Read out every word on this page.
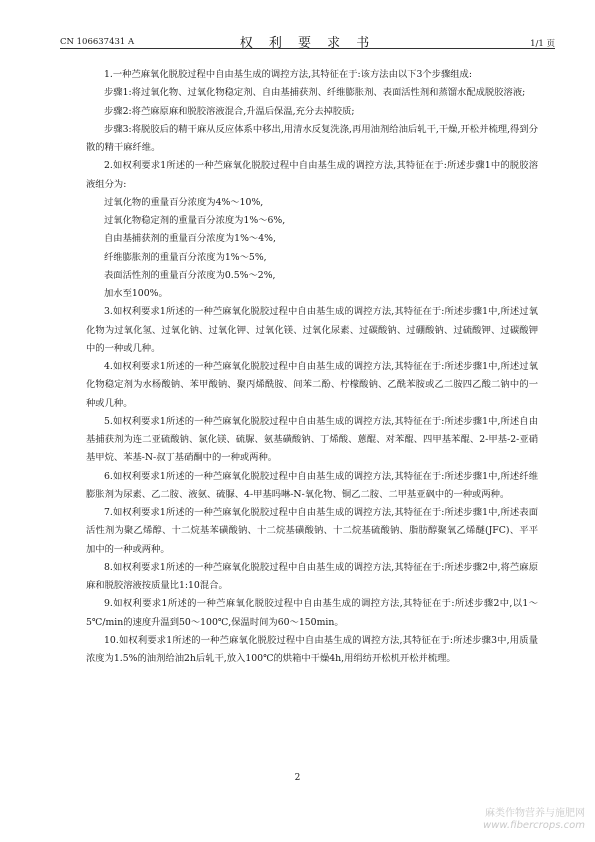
CN 106637431 A	权 利 要 求 书	1/1 页

1.一种苎麻氧化脱胶过程中自由基生成的调控方法,其特征在于:该方法由以下3个步骤组成:

步骤1:将过氧化物、过氧化物稳定剂、自由基捕获剂、纤维膨胀剂、表面活性剂和蒸馏水配成脱胶溶液;

步骤2:将苎麻原麻和脱胶溶液混合,升温后保温,充分去掉胶质;

步骤3:将脱胶后的精干麻从反应体系中移出,用清水反复洗涤,再用油剂给油后轧干,干燥,开松并梳理,得到分散的精干麻纤维。

2.如权利要求1所述的一种苎麻氧化脱胶过程中自由基生成的调控方法,其特征在于:所述步骤1中的脱胶溶液组分为:

过氧化物的重量百分浓度为4%～10%,

过氧化物稳定剂的重量百分浓度为1%～6%,

自由基捕获剂的重量百分浓度为1%～4%,

纤维膨胀剂的重量百分浓度为1%～5%,

表面活性剂的重量百分浓度为0.5%～2%,

加水至100%。

3.如权利要求1所述的一种苎麻氧化脱胶过程中自由基生成的调控方法,其特征在于:所述步骤1中,所述过氧化物为过氧化氢、过氧化钠、过氧化钾、过氧化镁、过氧化尿素、过碳酸钠、过硼酸钠、过硫酸钾、过碳酸钾中的一种或几种。

4.如权利要求1所述的一种苎麻氧化脱胶过程中自由基生成的调控方法,其特征在于:所述步骤1中,所述过氧化物稳定剂为水杨酸钠、苯甲酸钠、聚丙烯酰胺、间苯二酚、柠檬酸钠、乙酰苯胺或乙二胺四乙酸二钠中的一种或几种。

5.如权利要求1所述的一种苎麻氧化脱胶过程中自由基生成的调控方法,其特征在于:所述步骤1中,所述自由基捕获剂为连二亚硫酸钠、氯化镁、硫脲、氨基磺酸钠、丁烯酸、蒽醌、对苯醌、四甲基苯醌、2-甲基-2-亚硝基甲烷、苯基-N-叔丁基硝酮中的一种或两种。

6.如权利要求1所述的一种苎麻氧化脱胶过程中自由基生成的调控方法,其特征在于:所述步骤1中,所述纤维膨胀剂为尿素、乙二胺、液氨、硫脲、4-甲基吗啉-N-氧化物、铜乙二胺、二甲基亚砜中的一种或两种。

7.如权利要求1所述的一种苎麻氧化脱胶过程中自由基生成的调控方法,其特征在于:所述步骤1中,所述表面活性剂为聚乙烯醇、十二烷基苯磺酸钠、十二烷基磺酸钠、十二烷基硫酸钠、脂肪醇聚氧乙烯醚(JFC)、平平加中的一种或两种。

8.如权利要求1所述的一种苎麻氧化脱胶过程中自由基生成的调控方法,其特征在于:所述步骤2中,将苎麻原麻和脱胶溶液按质量比1:10混合。

9.如权利要求1所述的一种苎麻氧化脱胶过程中自由基生成的调控方法,其特征在于:所述步骤2中,以1～5℃/min的速度升温到50～100℃,保温时间为60～150min。

10.如权利要求1所述的一种苎麻氧化脱胶过程中自由基生成的调控方法,其特征在于:所述步骤3中,用质量浓度为1.5%的油剂给油2h后轧干,放入100℃的烘箱中干燥4h,用绢纺开松机开松并梳理。

2
麻类作物营养与施肥网
www.fibercrops.com
